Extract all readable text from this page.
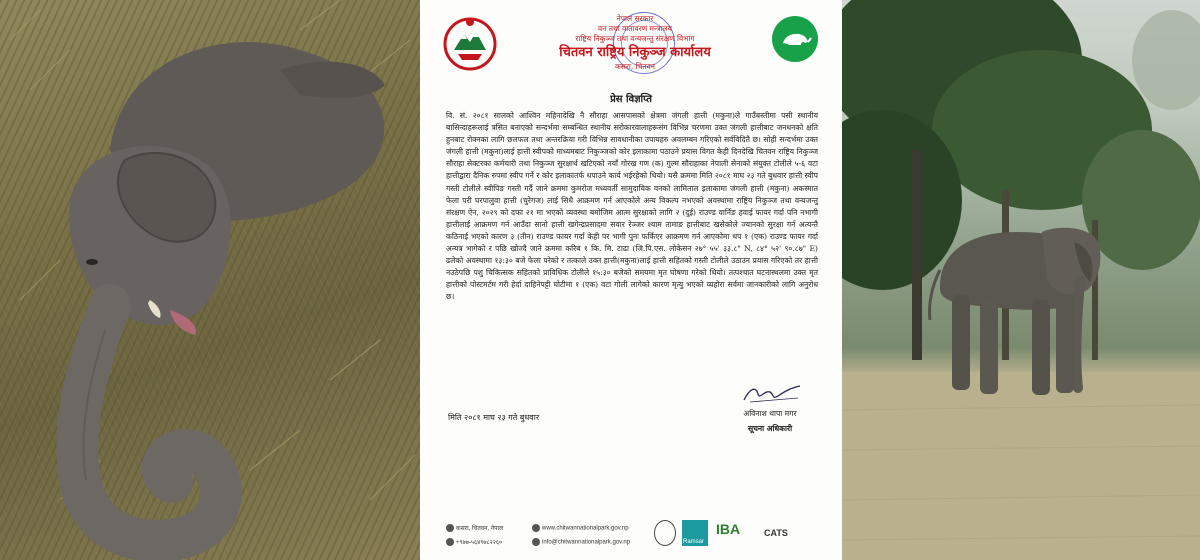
नेपाल सरकार
वन तथा वातावरण मन्त्रालय
राष्ट्रिय निकुञ्ज तथा वन्यजन्तु संरक्षण विभाग
चितवन राष्ट्रिय निकुञ्ज कार्यालय
कसरा, चितवन
प्रेस विज्ञप्ति
वि. सं. २०८१ सालको आश्विन महिनादेखि नै सौराहा आसपासको क्षेत्रमा जंगली हात्ती (मकुना)ले गाउँबस्तीमा पसी स्थानीय बासिन्दाहरूलाई त्रसित बनाएको सन्दर्भमा सम्बन्धित स्थानीय सरोकारवालाहरूसंग विभिन्न चरणमा उक्त जंगली हात्तीबाट जनधनको क्षति हुनबाट रोक्नका लागि छलफल तथा अन्तरक्रिया गरी विभिन्न सावधानीका उपायहरु अवलम्बन गरिएको सर्वविदितै छ। सोही सन्दर्भमा उक्त जंगली हात्ती (मकुना)लाई हात्ती स्वीपको माध्यमबाट निकुञ्जको कोर इलाकामा पठाउने प्रयास विगत केही दिनदेखि चितवन राष्ट्रिय निकुञ्ज सौराहा सेक्टरका कर्मचारी तथा निकुञ्ज सुरक्षार्थ खटिएको नयाँ गोरख गण (क) गुल्म सौराहाका नेपाली सेनाको संयुक्त टोलीले ५-६ वटा हात्तीद्वारा दैनिक रुपमा स्वीप गर्ने र कोर इलाकातर्फ धपाउने कार्य भईरहेको थियो। यसै क्रममा मिति २०८१ माघ २३ गते बुधवार हात्ती स्वीप गस्ती टोलीले स्वीपिङ गस्ती गर्दै जाने क्रममा कुमरोज मध्यवर्ती सामुदायिक वनको लामिताल इलाकामा जंगली हात्ती (मकुना) अकस्मात फेला परी घरपालुवा हात्ती (चुरेगज) लाई सिधै आक्रमण गर्न आएकोले अन्य विकल्प नभएको अवस्थामा राष्ट्रिय निकुञ्ज तथा वन्यजन्तु संरक्षण ऐन, २०२९ को दफा २१ मा भएको व्यवस्था बमोजिम आत्म सुरक्षाको लागि २ (दुई) राउण्ड वार्निङ हवाई फायर गर्दा पनि नभागी हात्तीलाई आक्रमण गर्न आउँदा सानो हात्ती खगेन्द्रप्रसादमा सवार रेञ्जर श्याम तामाङ हात्तीबाट खसेकोले ज्यानको सुरक्षा गर्न अत्यन्तै कठिनाई भएको कारण ३ (तीन) राउण्ड फायर गर्दा केही पर भागी पुनः फर्किएर आक्रमण गर्न आएकोमा थप १ (एक) राउण्ड फायर गर्दा अन्यत्र भागेको र पछि खोज्दै जाने क्रममा करिब १ कि. मि. टाढा (जि.पि.एस. लोकेसन २७° ५५' ३३.८" N, ८४° ५२' ९०.८७" E) ढलेको अवस्थामा १३:३० बजे फेला परेको र तत्काले उक्त हात्ती(मकुना)लाई हात्ती सहितको गस्ती टोलीले उठाउन प्रयास गरिएको तर हात्ती नउठेपछि पशु चिकित्सक सहितको प्राविधिक टोलीले १५:३० बजेको समयमा मृत घोषणा गरेको थियो। तत्पश्चात घटनास्थलमा उक्त मृत हात्तीको पोस्टमर्टम गरी हेर्दा दाहिनेपट्टी घोटीमा १ (एक) वटा गोली लागेको कारण मृत्यु भएको व्यहोरा सर्वमा जानकारीको लागि अनुरोध छ।
मिति २०८१ माघ २३ गते बुधवार	अविनाश थापा मगर
सूचना अधिकारी
कसरा, चितवन, नेपाल
+९७७-५६४९७८२२६०
www.chitwannationalpark.gov.np
info@chitwannationalpark.gov.np	Ramsar
IBA	CATS
